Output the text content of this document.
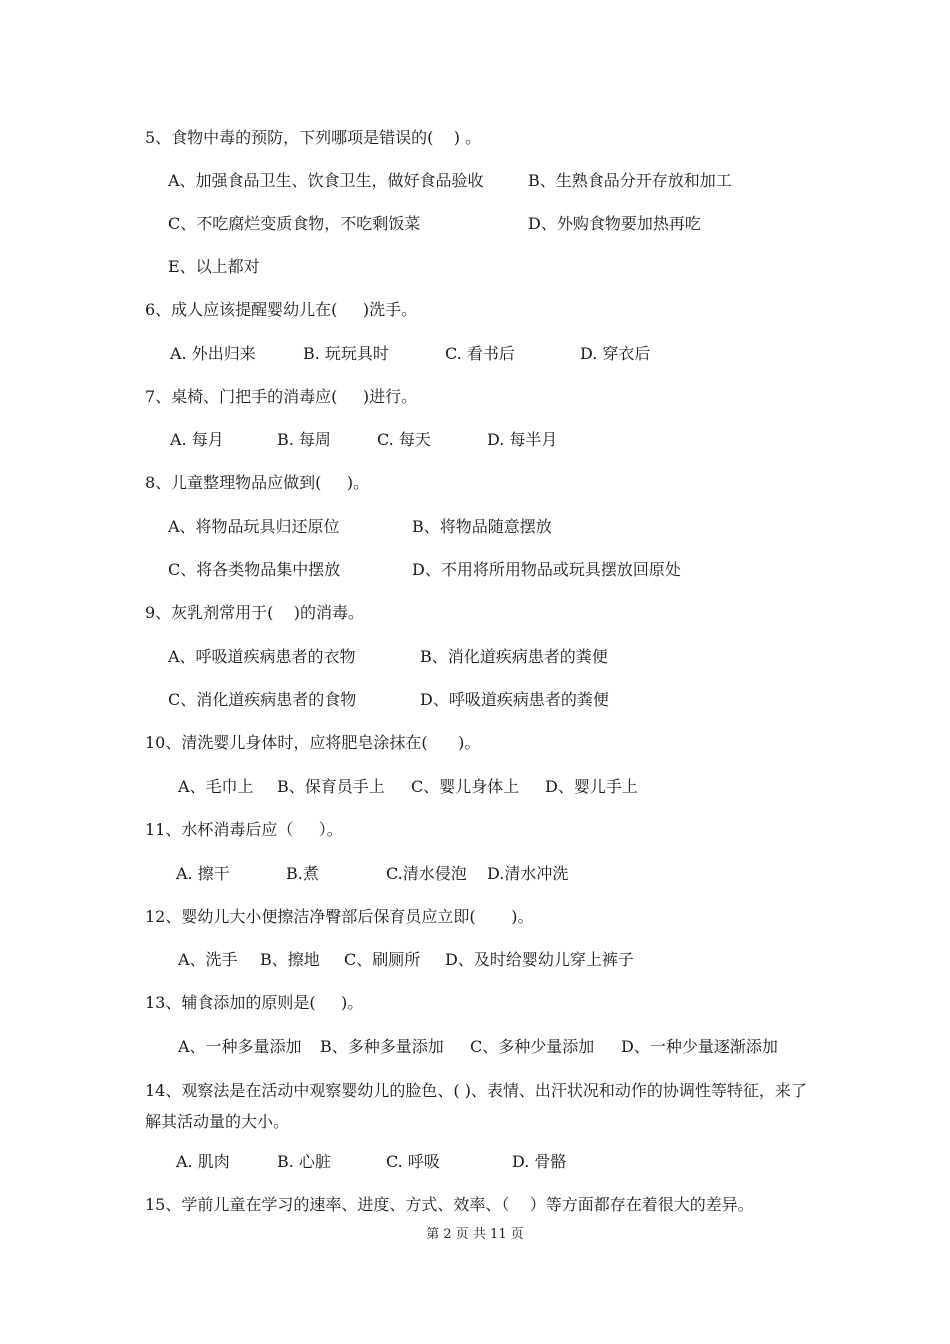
5、食物中毒的预防，下列哪项是错误的(    ) 。
A、加强食品卫生、饮食卫生，做好食品验收	B、生熟食品分开存放和加工
C、不吃腐烂变质食物，不吃剩饭菜	D、外购食物要加热再吃
E、以上都对
6、成人应该提醒婴幼儿在(     )洗手。
A. 外出归来	B. 玩玩具时	C. 看书后	D. 穿衣后
7、桌椅、门把手的消毒应(     )进行。
A. 每月	B. 每周	C. 每天	D. 每半月
8、儿童整理物品应做到(     )。
A、将物品玩具归还原位	B、将物品随意摆放
C、将各类物品集中摆放	D、不用将所用物品或玩具摆放回原处
9、灰乳剂常用于(    )的消毒。
A、呼吸道疾病患者的衣物	B、消化道疾病患者的粪便
C、消化道疾病患者的食物	D、呼吸道疾病患者的粪便
10、清洗婴儿身体时，应将肥皂涂抹在(      )。
A、毛巾上 B、保育员手上 C、婴儿身体上 D、婴儿手上
11、水杯消毒后应（     ）。
A. 擦干	B.煮	C.清水侵泡 D.清水冲洗
12、婴幼儿大小便擦洁净臀部后保育员应立即(       )。
A、洗手 B、擦地 C、刷厕所 D、及时给婴幼儿穿上裤子
13、辅食添加的原则是(     )。
A、一种多量添加 B、多种多量添加 C、多种少量添加 D、一种少量逐渐添加
14、观察法是在活动中观察婴幼儿的脸色、( )、表情、出汗状况和动作的协调性等特征，来了解其活动量的大小。
A. 肌肉	B. 心脏	C. 呼吸	D. 骨骼
15、学前儿童在学习的速率、进度、方式、效率、（    ）等方面都存在着很大的差异。
第 2 页 共 11 页
